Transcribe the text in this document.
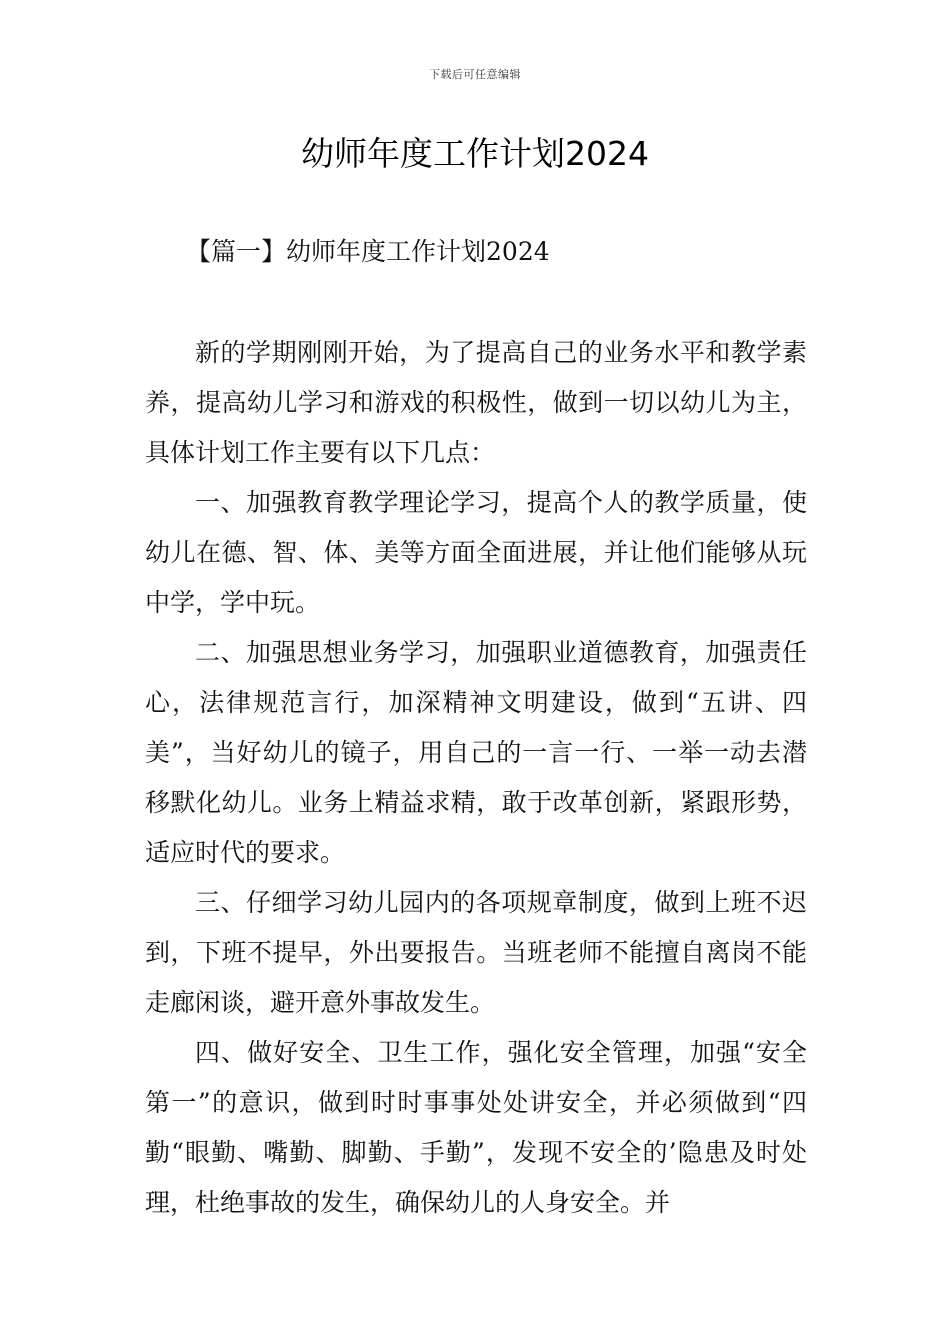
下载后可任意编辑
幼师年度工作计划2024
【篇一】幼师年度工作计划2024

新的学期刚刚开始，为了提高自己的业务水平和教学素养，提高幼儿学习和游戏的积极性，做到一切以幼儿为主，具体计划工作主要有以下几点：

一、加强教育教学理论学习，提高个人的教学质量，使幼儿在德、智、体、美等方面全面进展，并让他们能够从玩中学，学中玩。

二、加强思想业务学习，加强职业道德教育，加强责任心，法律规范言行，加深精神文明建设，做到“五讲、四美”，当好幼儿的镜子，用自己的一言一行、一举一动去潜移默化幼儿。业务上精益求精，敢于改革创新，紧跟形势，适应时代的要求。

三、仔细学习幼儿园内的各项规章制度，做到上班不迟到，下班不提早，外出要报告。当班老师不能擅自离岗不能走廊闲谈，避开意外事故发生。

四、做好安全、卫生工作，强化安全管理，加强“安全第一”的意识，做到时时事事处处讲安全，并必须做到“四勤“眼勤、嘴勤、脚勤、手勤”，发现不安全的’隐患及时处理，杜绝事故的发生，确保幼儿的人身安全。并
